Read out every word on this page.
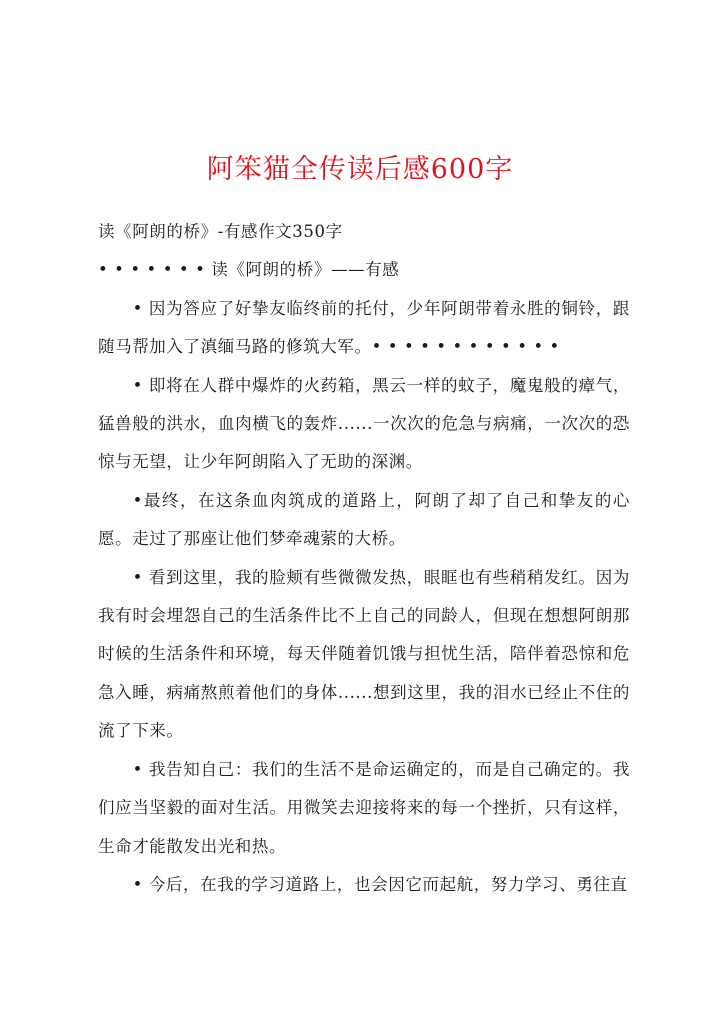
阿笨猫全传读后感600字

读《阿朗的桥》-有感作文350字

• • • • • • • 读《阿朗的桥》——有感

• 因为答应了好挚友临终前的托付，少年阿朗带着永胜的铜铃，跟随马帮加入了滇缅马路的修筑大军。• • • • • • • • • • • •

• 即将在人群中爆炸的火药箱，黑云一样的蚊子，魔鬼般的瘴气，猛兽般的洪水，血肉横飞的轰炸......一次次的危急与病痛，一次次的恐惊与无望，让少年阿朗陷入了无助的深渊。

•最终，在这条血肉筑成的道路上，阿朗了却了自己和挚友的心愿。走过了那座让他们梦牵魂萦的大桥。

• 看到这里，我的脸颊有些微微发热，眼眶也有些稍稍发红。因为我有时会埋怨自己的生活条件比不上自己的同龄人，但现在想想阿朗那时候的生活条件和环境，每天伴随着饥饿与担忧生活，陪伴着恐惊和危急入睡，病痛熬煎着他们的身体......想到这里，我的泪水已经止不住的流了下来。

• 我告知自己：我们的生活不是命运确定的，而是自己确定的。我们应当坚毅的面对生活。用微笑去迎接将来的每一个挫折，只有这样，生命才能散发出光和热。

• 今后，在我的学习道路上，也会因它而起航，努力学习、勇往直
